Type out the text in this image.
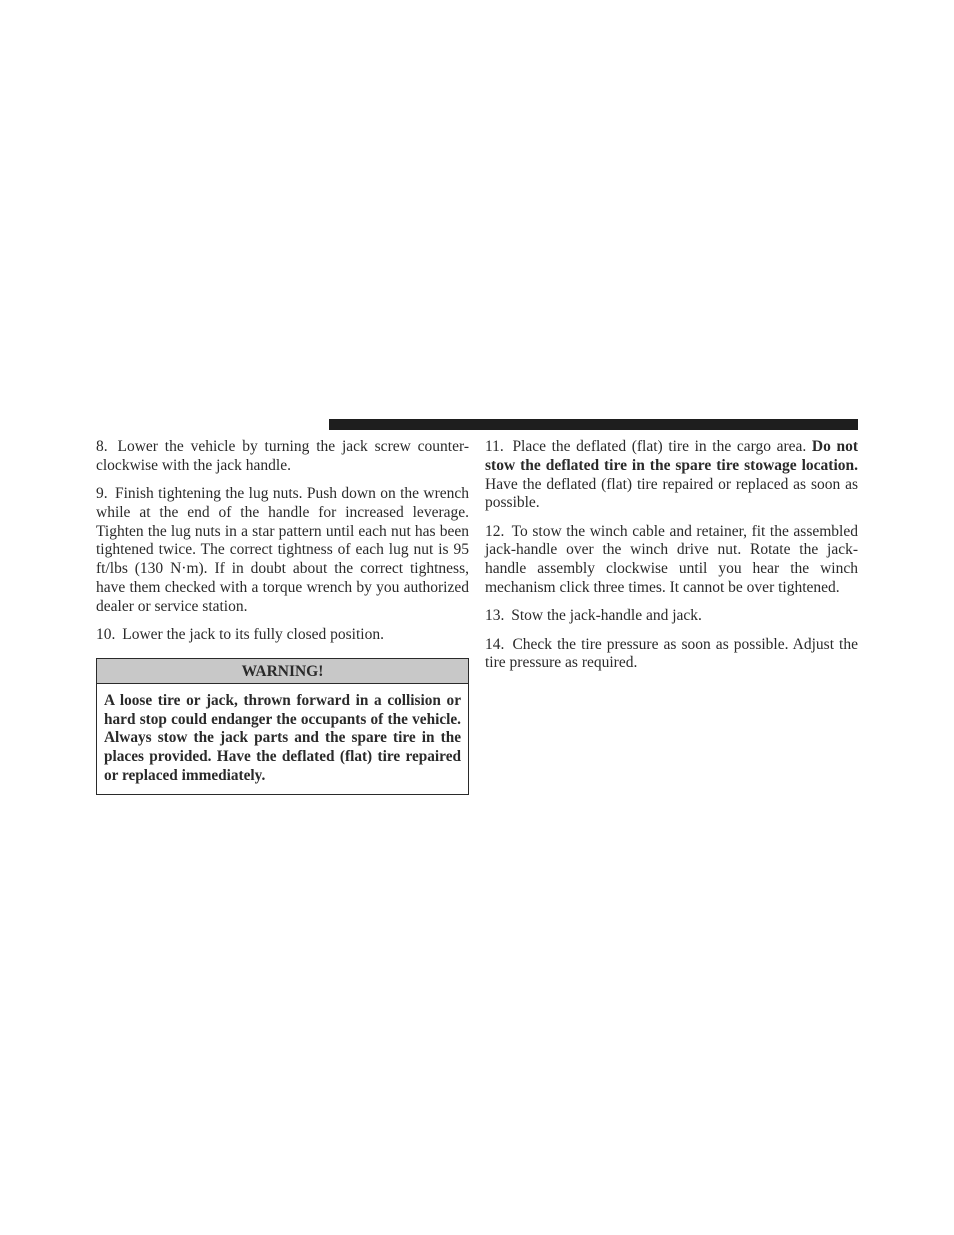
8. Lower the vehicle by turning the jack screw counter-clockwise with the jack handle.

9. Finish tightening the lug nuts. Push down on the wrench while at the end of the handle for increased leverage. Tighten the lug nuts in a star pattern until each nut has been tightened twice. The correct tightness of each lug nut is 95 ft/lbs (130 N·m). If in doubt about the correct tightness, have them checked with a torque wrench by you authorized dealer or service station.

10. Lower the jack to its fully closed position.

WARNING!
A loose tire or jack, thrown forward in a collision or hard stop could endanger the occupants of the vehicle. Always stow the jack parts and the spare tire in the places provided. Have the deflated (flat) tire repaired or replaced immediately.

11. Place the deflated (flat) tire in the cargo area. Do not stow the deflated tire in the spare tire stowage location. Have the deflated (flat) tire repaired or replaced as soon as possible.

12. To stow the winch cable and retainer, fit the assembled jack-handle over the winch drive nut. Rotate the jack-handle assembly clockwise until you hear the winch mechanism click three times. It cannot be over tightened.

13. Stow the jack-handle and jack.

14. Check the tire pressure as soon as possible. Adjust the tire pressure as required.
